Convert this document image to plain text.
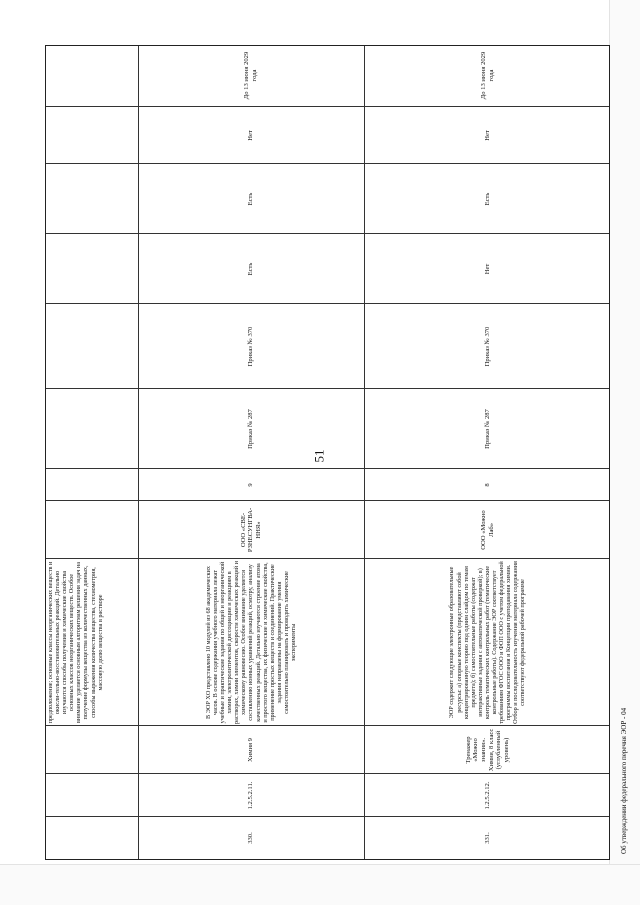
51
предположение; основные классы неорганических веществ и окисли-тельно-восстановительных реакций. Детально изучаются способы получения и химические свойства основных классов неорганических веществ. Особое внимание уделяется основным алгоритмам решения задач на получение формулы вещества из количественных данных, способы выражения количества вещества, стехиометрия, массовую долю вещества в растворе
330.
1.2.5.2.11.
Химия 9
В ЭОР XO представлено 10 модулей из 68 академических часов. В основе содержания учебного материала лежат учебные и практические задания по общей и неорганической химии, электролитической диссоциации и реакциям в растворах, химии элементов, скорости химических реакций и химическому равновесию. Особое внимание уделяется составлению ионных уравнений реакций, осмотру, анализу качественных реакций. Детально изучаются строение атома и простого вещества, их физические и химические свойства, применение простых веществ и соединений. Практические задания направлены на формирование умения самостоятельно планировать и проводить химические эксперименты
ООО «СВЕ-РЗНЕСУНГВА-ННЯ»
9
Приказ № 287
Приказ № 370
Есть
Есть
Нет
До 13 июня 2029 года
331.
1.2.5.2.12.
Тренажер «Можно знания». Химия, 8 класс (углубленный уровень)
ЭОР содержит следующие электронные образовательные ресурсы: а) опорные конспекты (представляют собой концентрированную теорию под одним слайдом по темам предмета); б) самостоятельные работы (содержат интерактивные задания с автоматической проверкой); в) контроль тематических контрольных работ (тематические контрольные работы). Содержание ЭОР соответствует требованиям ФГОС ООО и ФОП ООО с учетом федеральной программы воспитания и Концепции преподавания химии. Отбор и последовательность изучения материала содержания соответствуют федеральной рабочей программе
ООО «Можно Лаб»
8
Приказ № 287
Приказ № 370
Нет
Есть
Нет
До 13 июня 2029 года
Об утверждении федерального перечня ЭОР - 04
